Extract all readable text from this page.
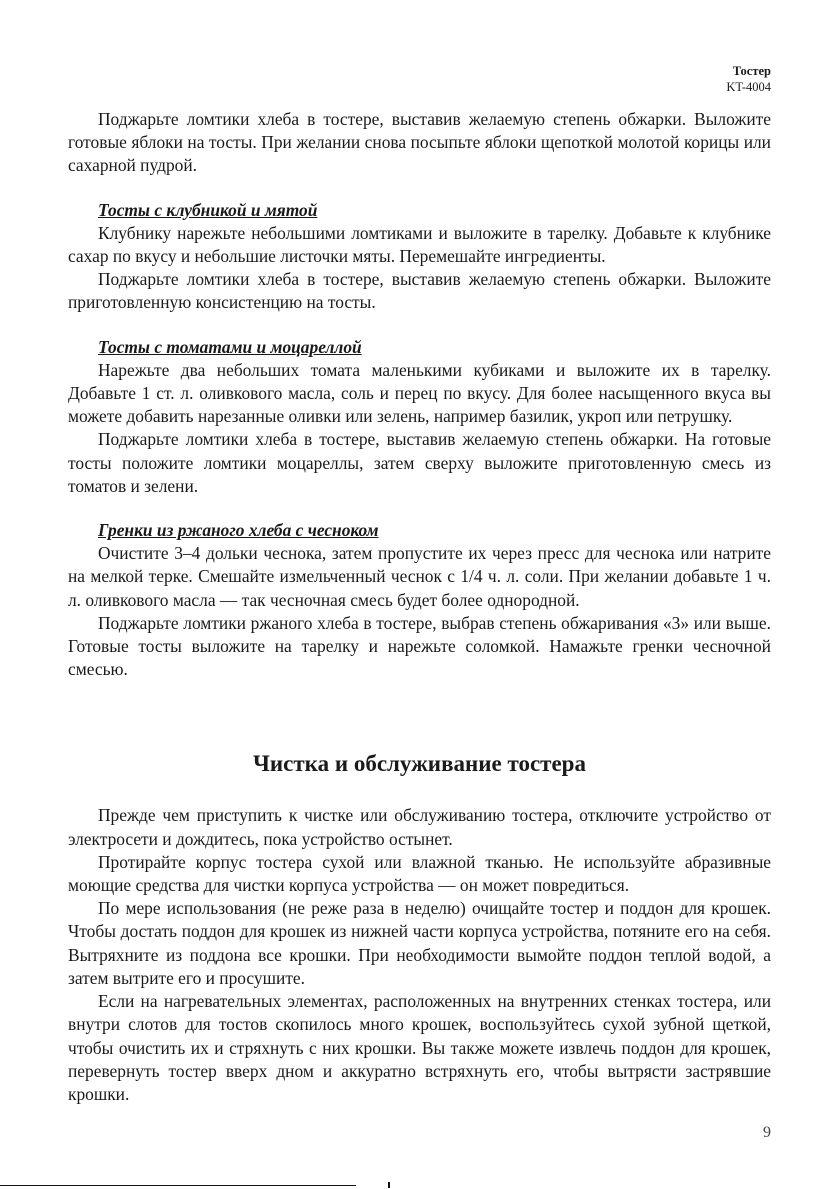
Тостер
KT-4004

Поджарьте ломтики хлеба в тостере, выставив желаемую степень обжарки. Выложите готовые яблоки на тосты. При желании снова посыпьте яблоки щепоткой молотой корицы или сахарной пудрой.

Тосты с клубникой и мятой

Клубнику нарежьте небольшими ломтиками и выложите в тарелку. Добавьте к клубнике сахар по вкусу и небольшие листочки мяты. Перемешайте ингредиенты.

Поджарьте ломтики хлеба в тостере, выставив желаемую степень обжарки. Выложите приготовленную консистенцию на тосты.

Тосты с томатами и моцареллой

Нарежьте два небольших томата маленькими кубиками и выложите их в тарелку. Добавьте 1 ст. л. оливкового масла, соль и перец по вкусу. Для более насыщенного вкуса вы можете добавить нарезанные оливки или зелень, например базилик, укроп или петрушку.

Поджарьте ломтики хлеба в тостере, выставив желаемую степень обжарки. На готовые тосты положите ломтики моцареллы, затем сверху выложите приготовленную смесь из томатов и зелени.

Гренки из ржаного хлеба с чесноком

Очистите 3–4 дольки чеснока, затем пропустите их через пресс для чеснока или натрите на мелкой терке. Смешайте измельченный чеснок с 1/4 ч. л. соли. При желании добавьте 1 ч. л. оливкового масла — так чесночная смесь будет более однородной.

Поджарьте ломтики ржаного хлеба в тостере, выбрав степень обжаривания «3» или выше. Готовые тосты выложите на тарелку и нарежьте соломкой. Намажьте гренки чесночной смесью.

Чистка и обслуживание тостера

Прежде чем приступить к чистке или обслуживанию тостера, отключите устройство от электросети и дождитесь, пока устройство остынет.

Протирайте корпус тостера сухой или влажной тканью. Не используйте абразивные моющие средства для чистки корпуса устройства — он может повредиться.

По мере использования (не реже раза в неделю) очищайте тостер и поддон для крошек. Чтобы достать поддон для крошек из нижней части корпуса устройства, потяните его на себя. Вытряхните из поддона все крошки. При необходимости вымойте поддон теплой водой, а затем вытрите его и просушите.

Если на нагревательных элементах, расположенных на внутренних стенках тостера, или внутри слотов для тостов скопилось много крошек, воспользуйтесь сухой зубной щеткой, чтобы очистить их и стряхнуть с них крошки. Вы также можете извлечь поддон для крошек, перевернуть тостер вверх дном и аккуратно встряхнуть его, чтобы вытрясти застрявшие крошки.

9
